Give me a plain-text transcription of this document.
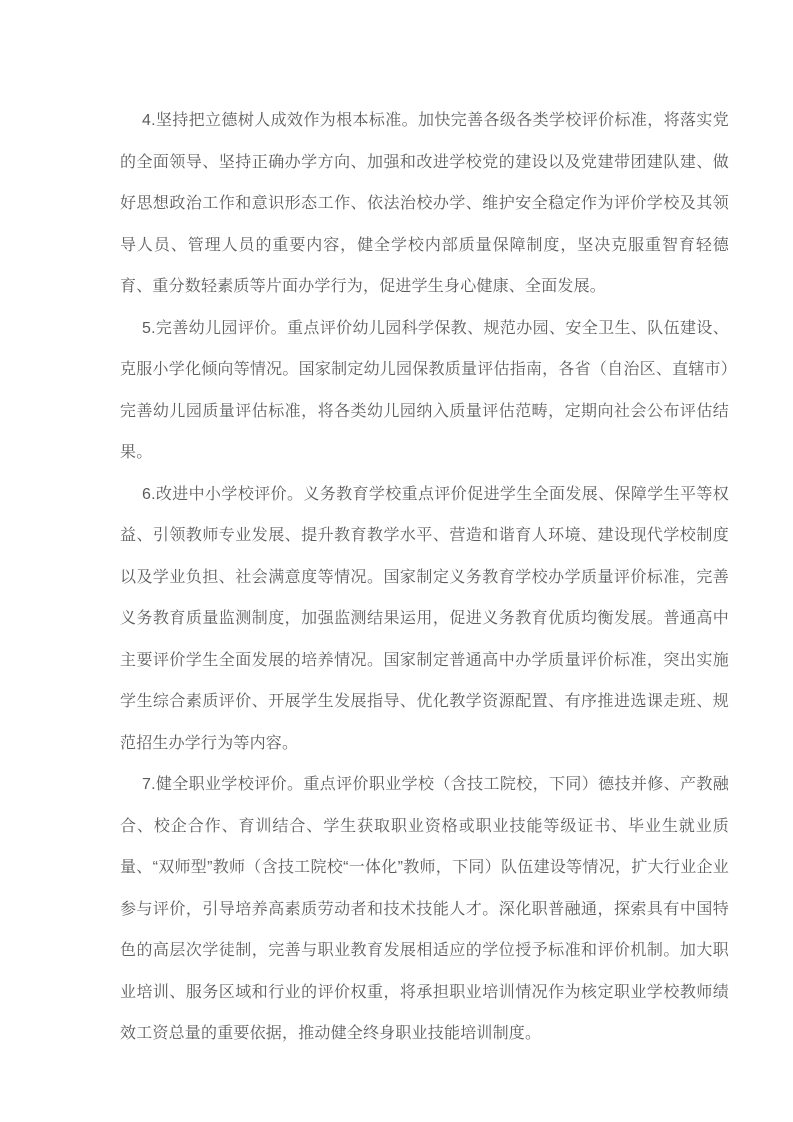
4.坚持把立德树人成效作为根本标准。加快完善各级各类学校评价标准，将落实党的全面领导、坚持正确办学方向、加强和改进学校党的建设以及党建带团建队建、做好思想政治工作和意识形态工作、依法治校办学、维护安全稳定作为评价学校及其领导人员、管理人员的重要内容，健全学校内部质量保障制度，坚决克服重智育轻德育、重分数轻素质等片面办学行为，促进学生身心健康、全面发展。

5.完善幼儿园评价。重点评价幼儿园科学保教、规范办园、安全卫生、队伍建设、克服小学化倾向等情况。国家制定幼儿园保教质量评估指南，各省（自治区、直辖市）完善幼儿园质量评估标准，将各类幼儿园纳入质量评估范畴，定期向社会公布评估结果。

6.改进中小学校评价。义务教育学校重点评价促进学生全面发展、保障学生平等权益、引领教师专业发展、提升教育教学水平、营造和谐育人环境、建设现代学校制度以及学业负担、社会满意度等情况。国家制定义务教育学校办学质量评价标准，完善义务教育质量监测制度，加强监测结果运用，促进义务教育优质均衡发展。普通高中主要评价学生全面发展的培养情况。国家制定普通高中办学质量评价标准，突出实施学生综合素质评价、开展学生发展指导、优化教学资源配置、有序推进选课走班、规范招生办学行为等内容。

7.健全职业学校评价。重点评价职业学校（含技工院校，下同）德技并修、产教融合、校企合作、育训结合、学生获取职业资格或职业技能等级证书、毕业生就业质量、“双师型”教师（含技工院校“一体化”教师，下同）队伍建设等情况，扩大行业企业参与评价，引导培养高素质劳动者和技术技能人才。深化职普融通，探索具有中国特色的高层次学徒制，完善与职业教育发展相适应的学位授予标准和评价机制。加大职业培训、服务区域和行业的评价权重，将承担职业培训情况作为核定职业学校教师绩效工资总量的重要依据，推动健全终身职业技能培训制度。
